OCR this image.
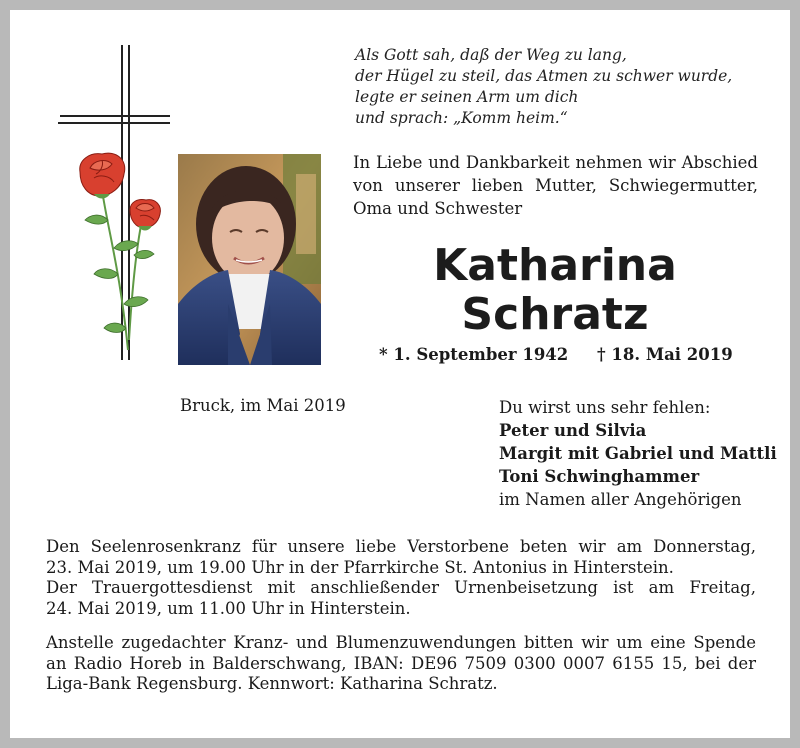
Als Gott sah, daß der Weg zu lang,
der Hügel zu steil, das Atmen zu schwer wurde,
legte er seinen Arm um dich
und sprach: „Komm heim.“
In Liebe und Dankbarkeit nehmen wir Abschied
von unserer lieben Mutter, Schwiegermutter,
Oma und Schwester
Katharina
Schratz
* 1. September 1942 † 18. Mai 2019
Bruck, im Mai 2019	Du wirst uns sehr fehlen:
Peter und Silvia
Margit mit Gabriel und Mattli
Toni Schwinghammer
im Namen aller Angehörigen

Den Seelenrosenkranz für unsere liebe Verstorbene beten wir am Donnerstag,
23. Mai 2019, um 19.00 Uhr in der Pfarrkirche St. Antonius in Hinterstein.
Der Trauergottesdienst mit anschließender Urnenbeisetzung ist am Freitag,
24. Mai 2019, um 11.00 Uhr in Hinterstein.

Anstelle zugedachter Kranz- und Blumenzuwendungen bitten wir um eine Spende
an Radio Horeb in Balderschwang, IBAN: DE96 7509 0300 0007 6155 15, bei der
Liga-Bank Regensburg. Kennwort: Katharina Schratz.
